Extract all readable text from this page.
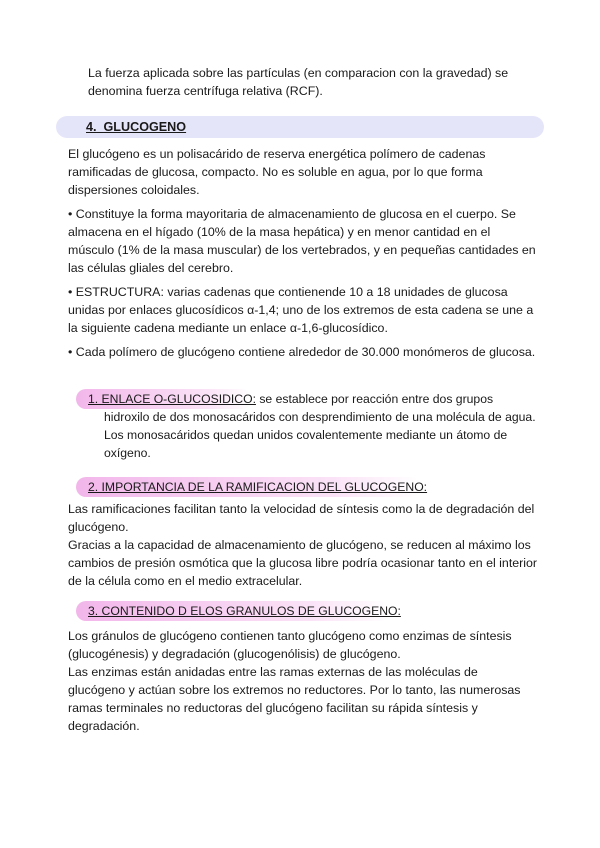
La fuerza aplicada sobre las partículas (en comparacion con la gravedad) se denomina fuerza centrífuga relativa (RCF).

4. GLUCOGENO

El glucógeno es un polisacárido de reserva energética polímero de cadenas ramificadas de glucosa, compacto. No es soluble en agua, por lo que forma dispersiones coloidales.

• Constituye la forma mayoritaria de almacenamiento de glucosa en el cuerpo. Se almacena en el hígado (10% de la masa hepática) y en menor cantidad en el músculo (1% de la masa muscular) de los vertebrados, y en pequeñas cantidades en las células gliales del cerebro.

• ESTRUCTURA: varias cadenas que contienende 10 a 18 unidades de glucosa unidas por enlaces glucosídicos α-1,4; uno de los extremos de esta cadena se une a la siguiente cadena mediante un enlace α-1,6-glucosídico.

• Cada polímero de glucógeno contiene alrededor de 30.000 monómeros de glucosa.

1. ENLACE O-GLUCOSIDICO: se establece por reacción entre dos grupos
hidroxilo de dos monosacáridos con desprendimiento de una molécula de agua. Los monosacáridos quedan unidos covalentemente mediante un átomo de oxígeno.
2. IMPORTANCIA DE LA RAMIFICACION DEL GLUCOGENO:

Las ramificaciones facilitan tanto la velocidad de síntesis como la de degradación del glucógeno.

Gracias a la capacidad de almacenamiento de glucógeno, se reducen al máximo los cambios de presión osmótica que la glucosa libre podría ocasionar tanto en el interior de la célula como en el medio extracelular.

3. CONTENIDO D ELOS GRANULOS DE GLUCOGENO:

Los gránulos de glucógeno contienen tanto glucógeno como enzimas de síntesis (glucogénesis) y degradación (glucogenólisis) de glucógeno.

Las enzimas están anidadas entre las ramas externas de las moléculas de glucógeno y actúan sobre los extremos no reductores. Por lo tanto, las numerosas ramas terminales no reductoras del glucógeno facilitan su rápida síntesis y degradación.
